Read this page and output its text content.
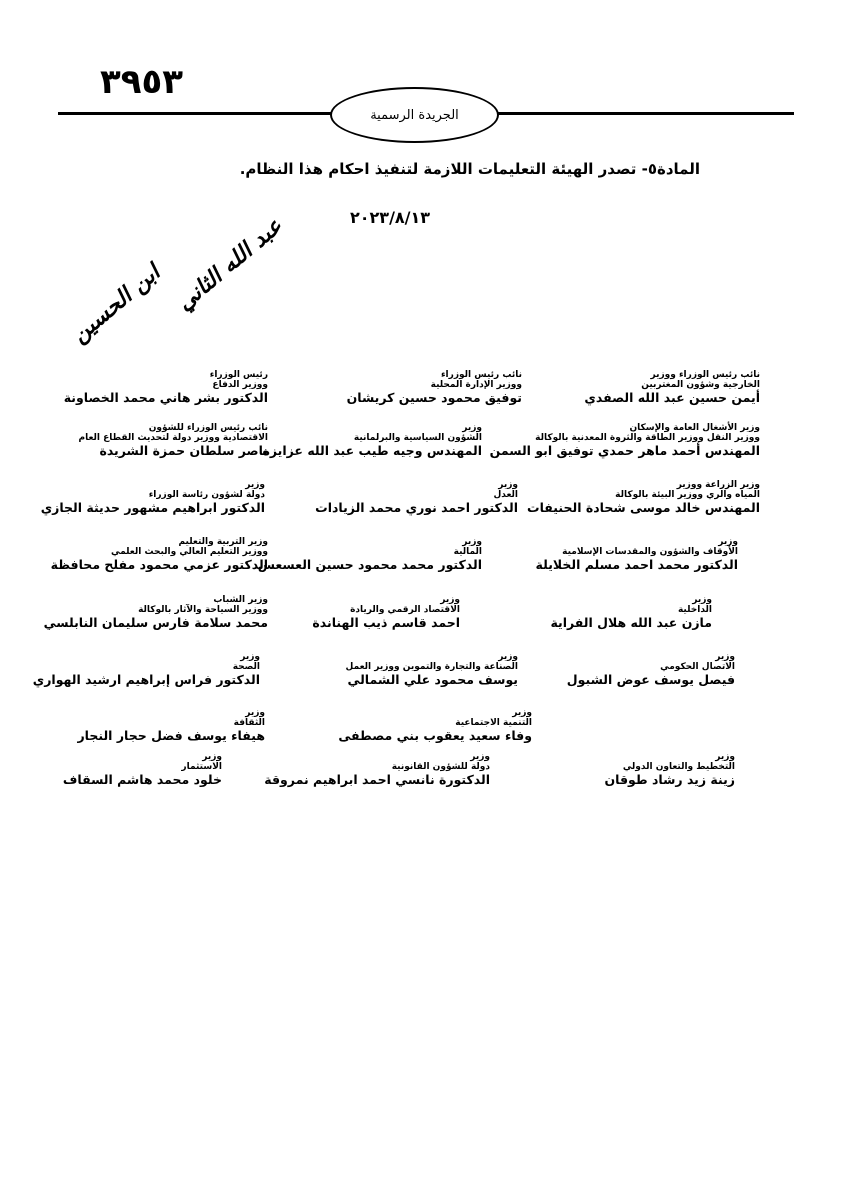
٣٩٥٣
الجريدة الرسمية
المادة٥- تصدر الهيئة التعليمات اللازمة لتنفيذ احكام هذا النظام.
٢٠٢٣/٨/١٣
عبد الله الثاني
ابن الحسين
رئيس الوزراء
ووزير الدفاع
الدكتور بشر هاني محمد الخصاونة
نائب رئيس الوزراء
ووزير الإدارة المحلية
توفيق محمود حسين كريشان
نائب رئيس الوزراء ووزير
الخارجية وشؤون المغتربين
أيمن حسين عبد الله الصفدي
نائب رئيس الوزراء للشؤون
الاقتصادية ووزير دولة لتحديث القطاع العام
ناصر سلطان حمزة الشريدة
وزير
الشؤون السياسية والبرلمانية
المهندس وجيه طيب عبد الله عزايزه
وزير الأشغال العامة والإسكان
ووزير النقل ووزير الطاقة والثروة المعدنية بالوكالة
المهندس أحمد ماهر حمدي توفيق ابو السمن
وزير
دولة لشؤون رئاسة الوزراء
الدكتور ابراهيم مشهور حديثة الجازي
وزير
العدل
الدكتور احمد نوري محمد الزيادات
وزير الزراعة ووزير
المياه والري ووزير البيئة بالوكالة
المهندس خالد موسى شحادة الحنيفات
وزير التربية والتعليم
ووزير التعليم العالي والبحث العلمي
الدكتور عزمي محمود مفلح محافظة
وزير
المالية
الدكتور محمد محمود حسين العسعس
وزير
الأوقاف والشؤون والمقدسات الإسلامية
الدكتور محمد احمد مسلم الخلايلة
وزير الشباب
ووزير السياحة والآثار بالوكالة
محمد سلامة فارس سليمان النابلسي
وزير
الاقتصاد الرقمي والريادة
احمد قاسم ذيب الهناندة
وزير
الداخلية
مازن عبد الله هلال الفراية
وزير
الصحة
الدكتور فراس إبراهيم ارشيد الهواري
وزير
الصناعة والتجارة والتموين ووزير العمل
يوسف محمود علي الشمالي
وزير
الاتصال الحكومي
فيصل يوسف عوض الشبول
وزير
الثقافة
هيفاء يوسف فضل حجار النجار
وزير
التنمية الاجتماعية
وفاء سعيد يعقوب بني مصطفى
وزير
الاستثمار
خلود محمد هاشم السقاف
وزير
دولة للشؤون القانونية
الدكتورة نانسي احمد ابراهيم نمروقة
وزير
التخطيط والتعاون الدولي
زينة زيد رشاد طوقان
